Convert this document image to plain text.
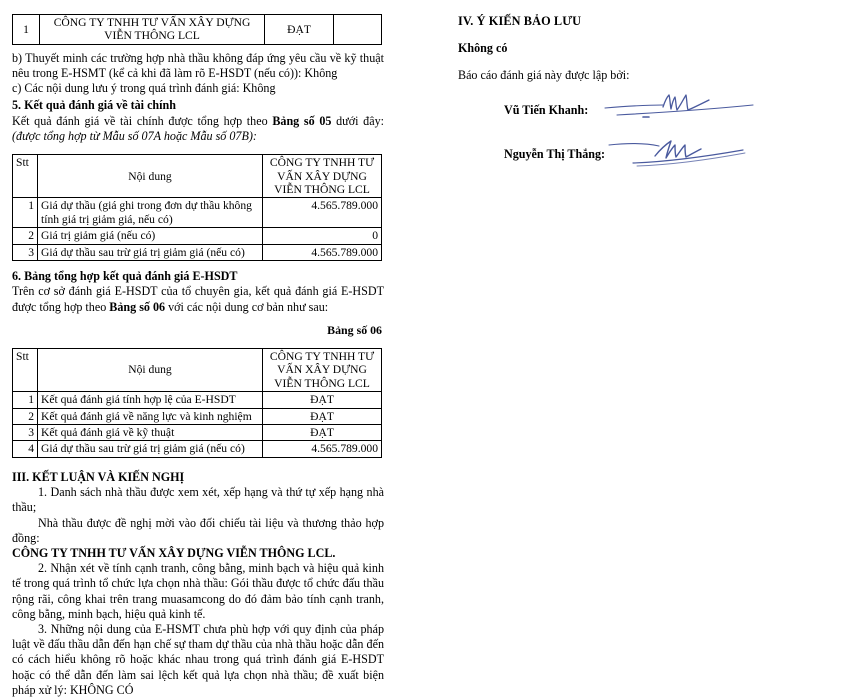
1	CÔNG TY TNHH TƯ VẤN XÂY DỰNG VIỄN THÔNG LCL	ĐẠT	

b) Thuyết minh các trường hợp nhà thầu không đáp ứng yêu cầu về kỹ thuật nêu trong E-HSMT (kể cả khi đã làm rõ E-HSDT (nếu có)): Không

c) Các nội dung lưu ý trong quá trình đánh giá: Không

5. Kết quả đánh giá về tài chính

Kết quả đánh giá về tài chính được tổng hợp theo Bảng số 05 dưới đây: (được tổng hợp từ Mẫu số 07A hoặc Mẫu số 07B):

Stt	Nội dung	CÔNG TY TNHH TƯ VẤN XÂY DỰNG VIỄN THÔNG LCL
1	Giá dự thầu (giá ghi trong đơn dự thầu không tính giá trị giảm giá, nếu có)	4.565.789.000
2	Giá trị giảm giá (nếu có)	0
3	Giá dự thầu sau trừ giá trị giảm giá (nếu có)	4.565.789.000

6. Bảng tổng hợp kết quả đánh giá E-HSDT

Trên cơ sở đánh giá E-HSDT của tổ chuyên gia, kết quả đánh giá E-HSDT được tổng hợp theo Bảng số 06 với các nội dung cơ bản như sau:

Bảng số 06
Stt	Nội dung	CÔNG TY TNHH TƯ VẤN XÂY DỰNG VIỄN THÔNG LCL
1	Kết quả đánh giá tính hợp lệ của E-HSDT	ĐẠT
2	Kết quả đánh giá về năng lực và kinh nghiệm	ĐẠT
3	Kết quả đánh giá về kỹ thuật	ĐẠT
4	Giá dự thầu sau trừ giá trị giảm giá (nếu có)	4.565.789.000

III. KẾT LUẬN VÀ KIẾN NGHỊ

1. Danh sách nhà thầu được xem xét, xếp hạng và thứ tự xếp hạng nhà thầu;

Nhà thầu được đề nghị mời vào đối chiếu tài liệu và thương thảo hợp đồng:

CÔNG TY TNHH TƯ VẤN XÂY DỰNG VIỄN THÔNG LCL.

2. Nhận xét về tính cạnh tranh, công bằng, minh bạch và hiệu quả kinh tế trong quá trình tổ chức lựa chọn nhà thầu: Gói thầu được tổ chức đấu thầu rộng rãi, công khai trên trang muasamcong do đó đảm bảo tính cạnh tranh, công bằng, minh bạch, hiệu quả kinh tế.

3. Những nội dung của E-HSMT chưa phù hợp với quy định của pháp luật về đấu thầu dẫn đến hạn chế sự tham dự thầu của nhà thầu hoặc dẫn đến có cách hiểu không rõ hoặc khác nhau trong quá trình đánh giá E-HSDT hoặc có thể dẫn đến làm sai lệch kết quả lựa chọn nhà thầu; đề xuất biện pháp xử lý: KHÔNG CÓ

IV. Ý KIẾN BẢO LƯU

Không có

Báo cáo đánh giá này được lập bởi:

Vũ Tiến Khanh:
Nguyễn Thị Thắng:
